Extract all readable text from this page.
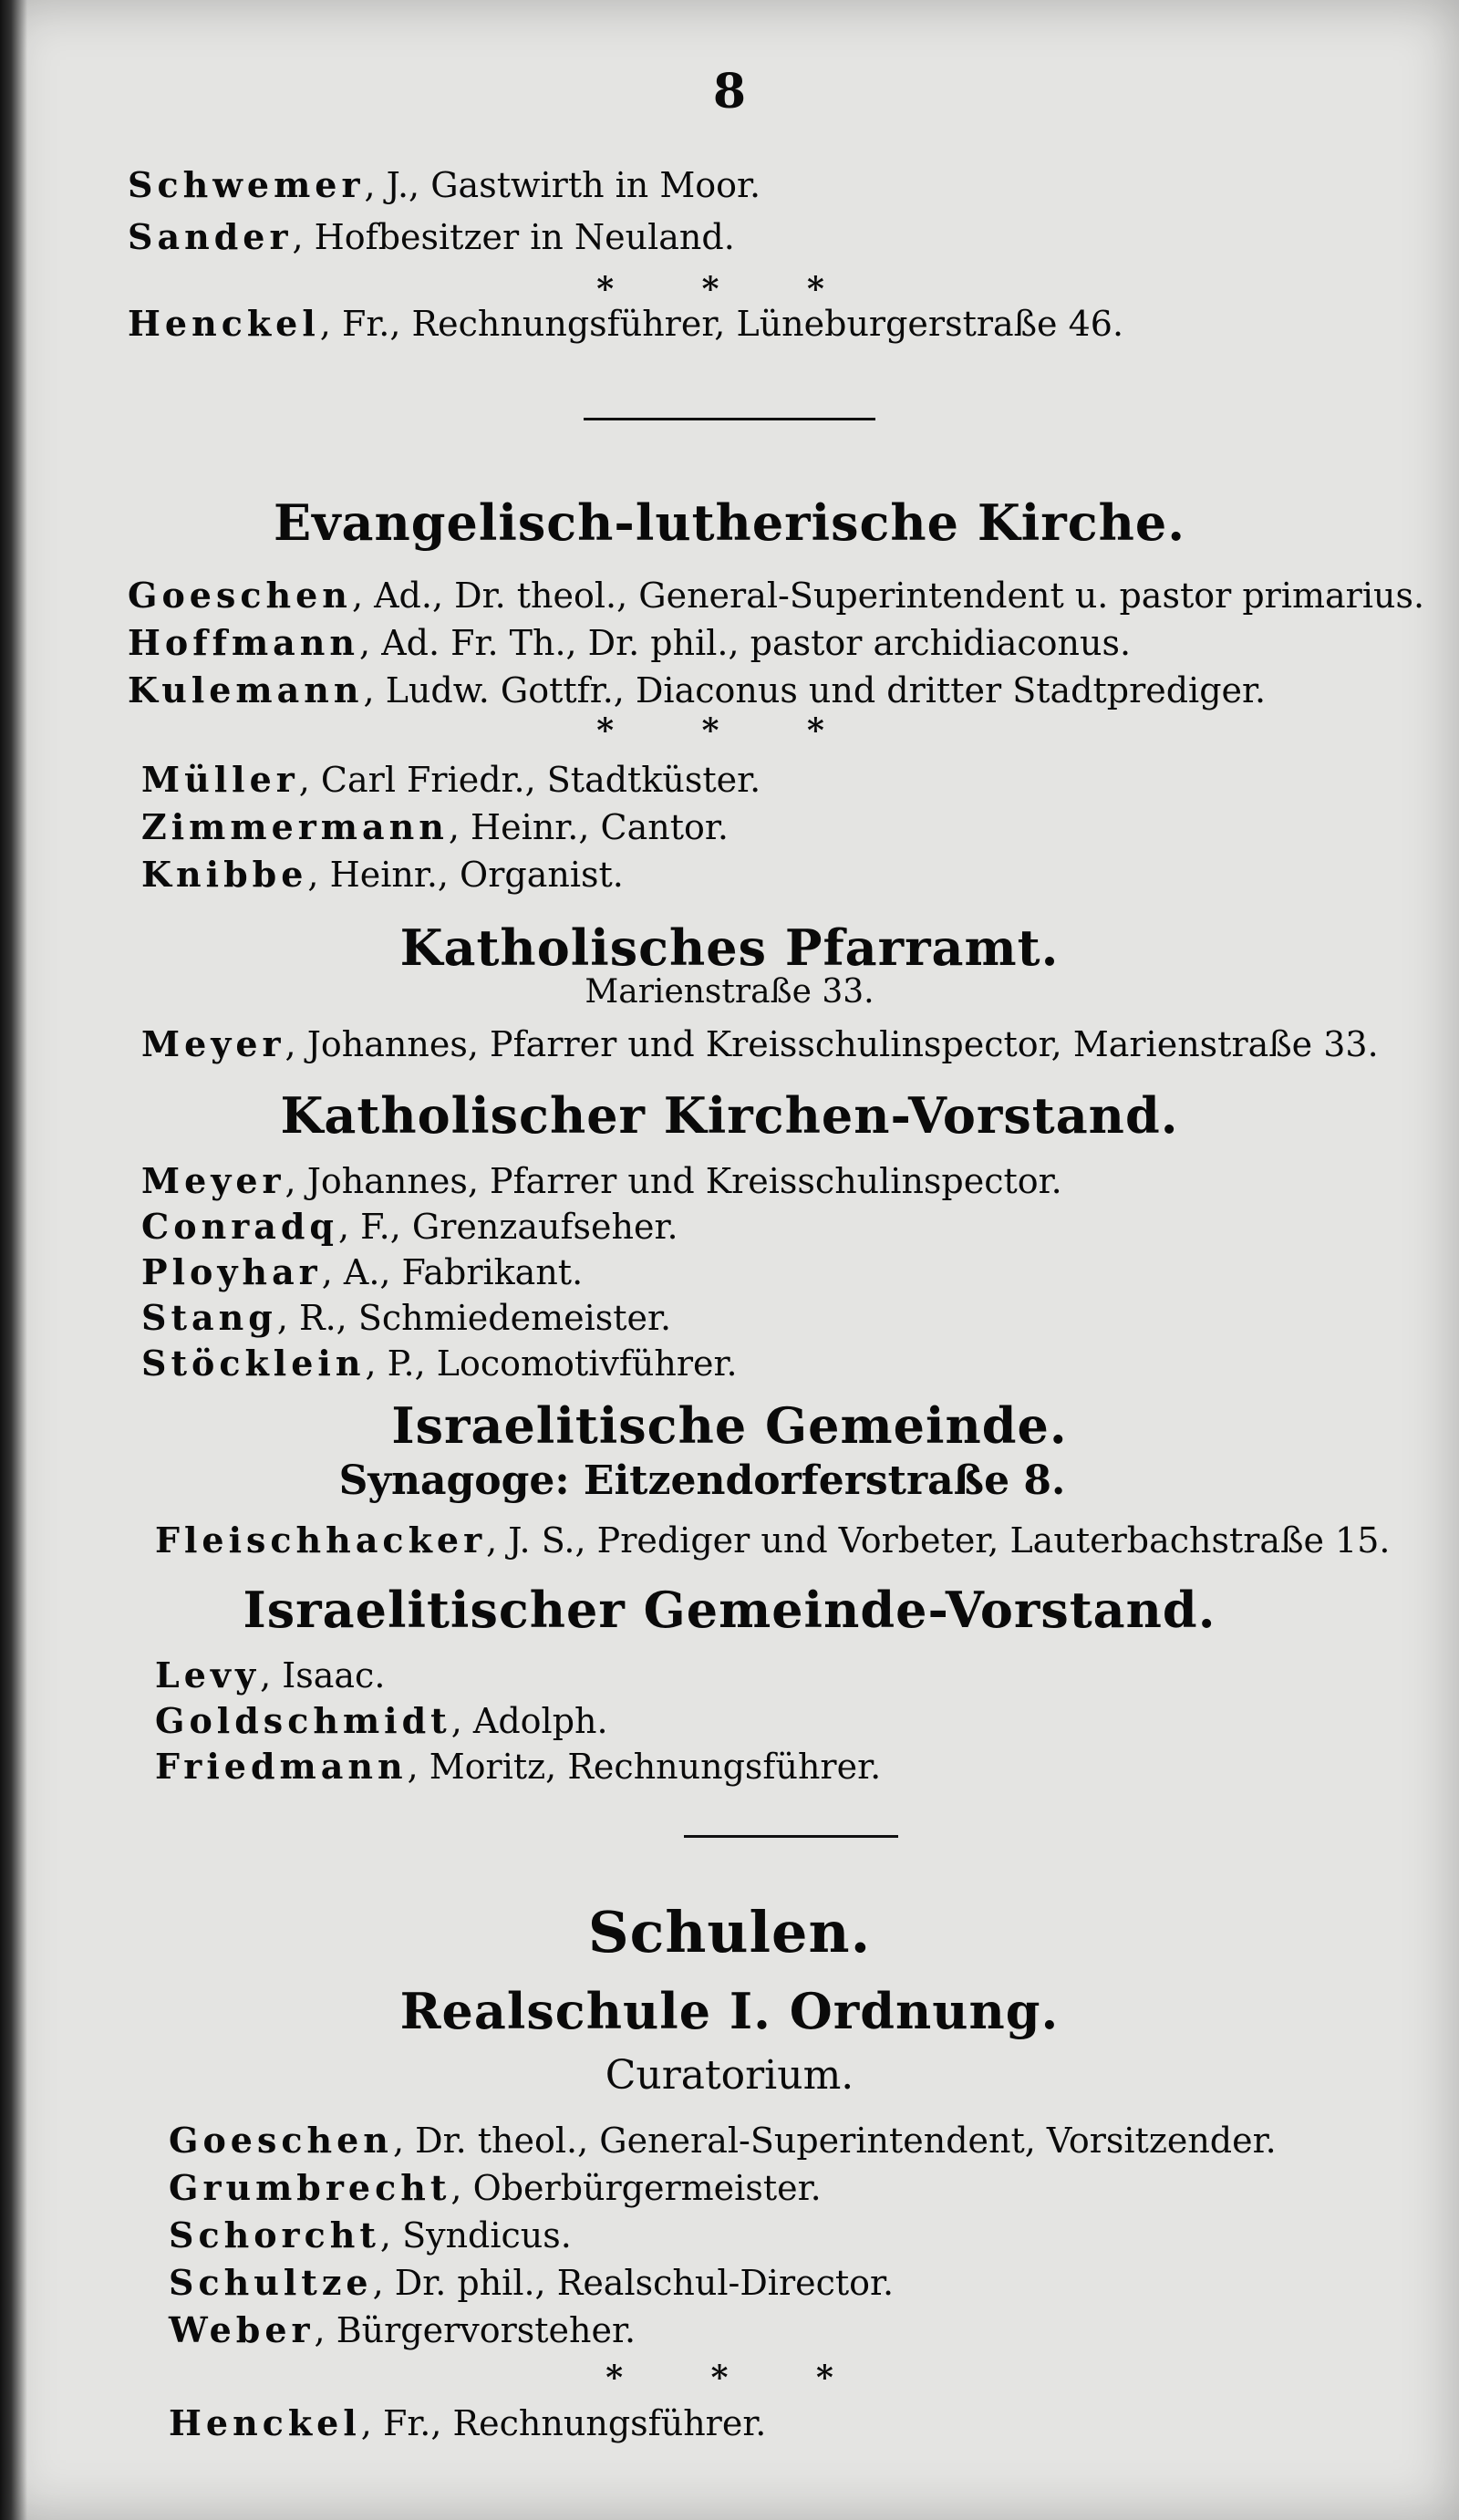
8
Schwemer, J., Gastwirth in Moor.
Sander, Hofbesitzer in Neuland.
* * *
Henckel, Fr., Rechnungsführer, Lüneburgerstraße 46.
Evangelisch-lutherische Kirche.
Goeschen, Ad., Dr. theol., General-Superintendent u. pastor primarius.
Hoffmann, Ad. Fr. Th., Dr. phil., pastor archidiaconus.
Kulemann, Ludw. Gottfr., Diaconus und dritter Stadtprediger.
* * *
Müller, Carl Friedr., Stadtküster.
Zimmermann, Heinr., Cantor.
Knibbe, Heinr., Organist.
Katholisches Pfarramt.
Marienstraße 33.
Meyer, Johannes, Pfarrer und Kreisschulinspector, Marienstraße 33.
Katholischer Kirchen-Vorstand.
Meyer, Johannes, Pfarrer und Kreisschulinspector.
Conradq, F., Grenzaufseher.
Ployhar, A., Fabrikant.
Stang, R., Schmiedemeister.
Stöcklein, P., Locomotivführer.
Israelitische Gemeinde.
Synagoge: Eitzendorferstraße 8.
Fleischhacker, J. S., Prediger und Vorbeter, Lauterbachstraße 15.
Israelitischer Gemeinde-Vorstand.
Levy, Isaac.
Goldschmidt, Adolph.
Friedmann, Moritz, Rechnungsführer.
Schulen.
Realschule I. Ordnung.
Curatorium.
Goeschen, Dr. theol., General-Superintendent, Vorsitzender.
Grumbrecht, Oberbürgermeister.
Schorcht, Syndicus.
Schultze, Dr. phil., Realschul-Director.
Weber, Bürgervorsteher.
* * *
Henckel, Fr., Rechnungsführer.
